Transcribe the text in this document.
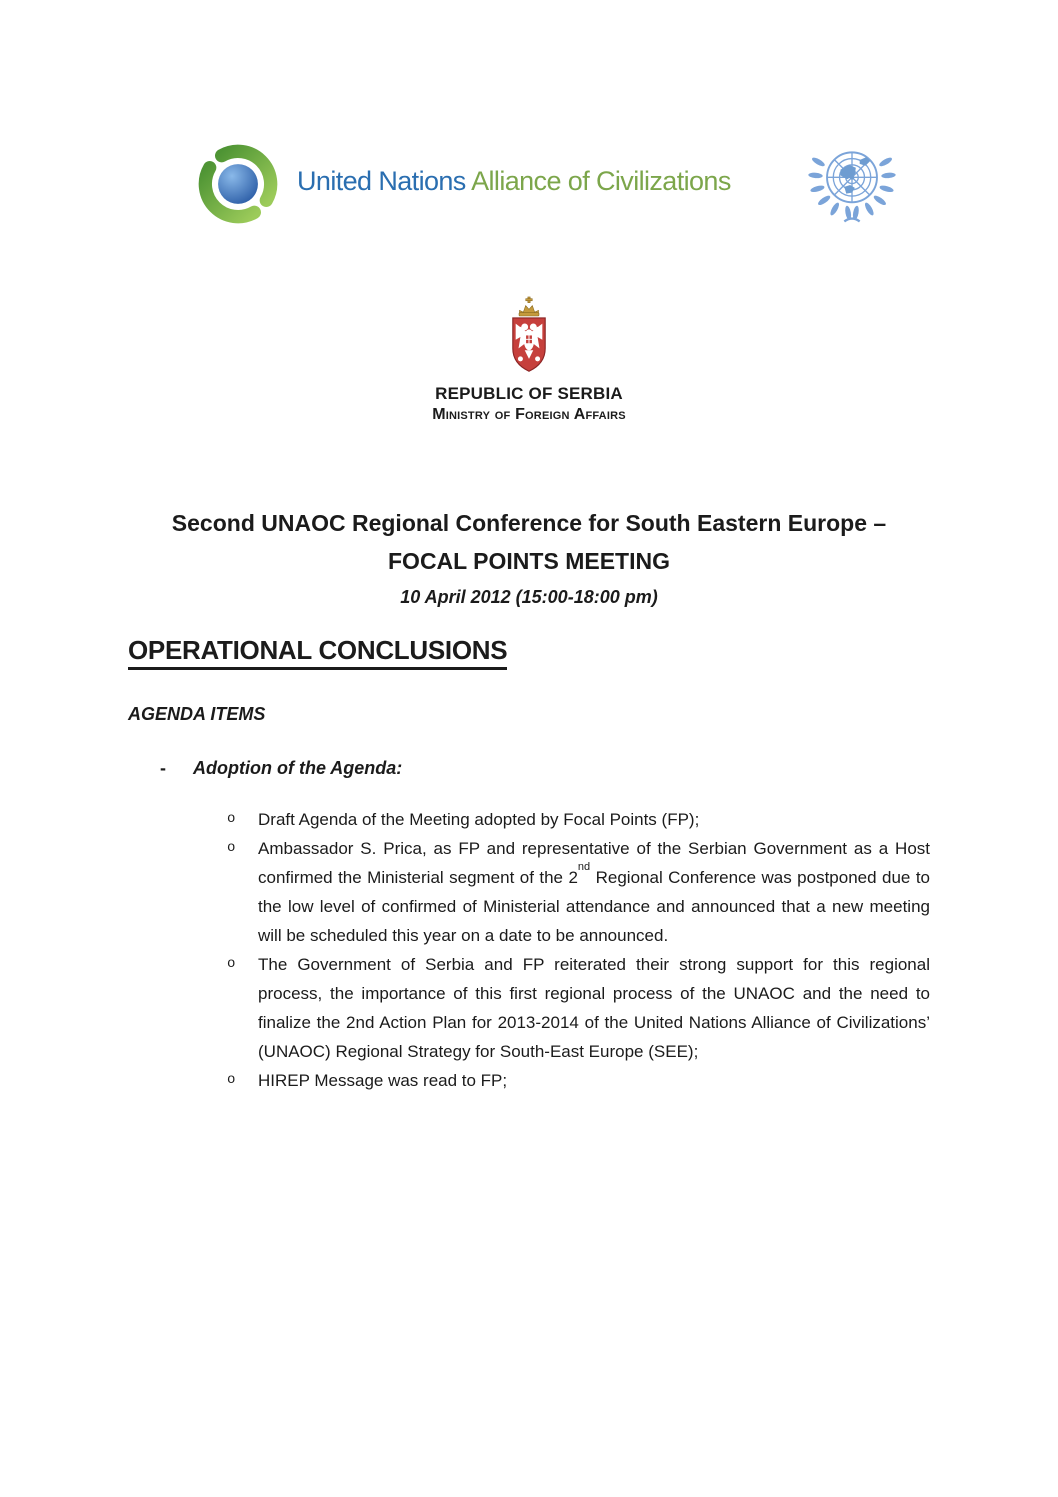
United Nations Alliance of Civilizations
REPUBLIC OF SERBIA
Ministry of Foreign Affairs
Second UNAOC Regional Conference for South Eastern Europe –
FOCAL POINTS MEETING
10 April 2012 (15:00-18:00 pm)
OPERATIONAL CONCLUSIONS
AGENDA ITEMS
-	Adoption of the Agenda:
o	Draft Agenda of the Meeting adopted by Focal Points (FP);
o	Ambassador S. Prica, as FP and representative of the Serbian Government as a Host confirmed the Ministerial segment of the 2nd Regional Conference was postponed due to the low level of confirmed of Ministerial attendance and announced that a new meeting will be scheduled this year on a date to be announced.
o	The Government of Serbia and FP reiterated their strong support for this regional process, the importance of this first regional process of the UNAOC and the need to finalize the 2nd Action Plan for 2013-2014 of the United Nations Alliance of Civilizations’ (UNAOC) Regional Strategy for South-East Europe (SEE);
o	HIREP Message was read to FP;
